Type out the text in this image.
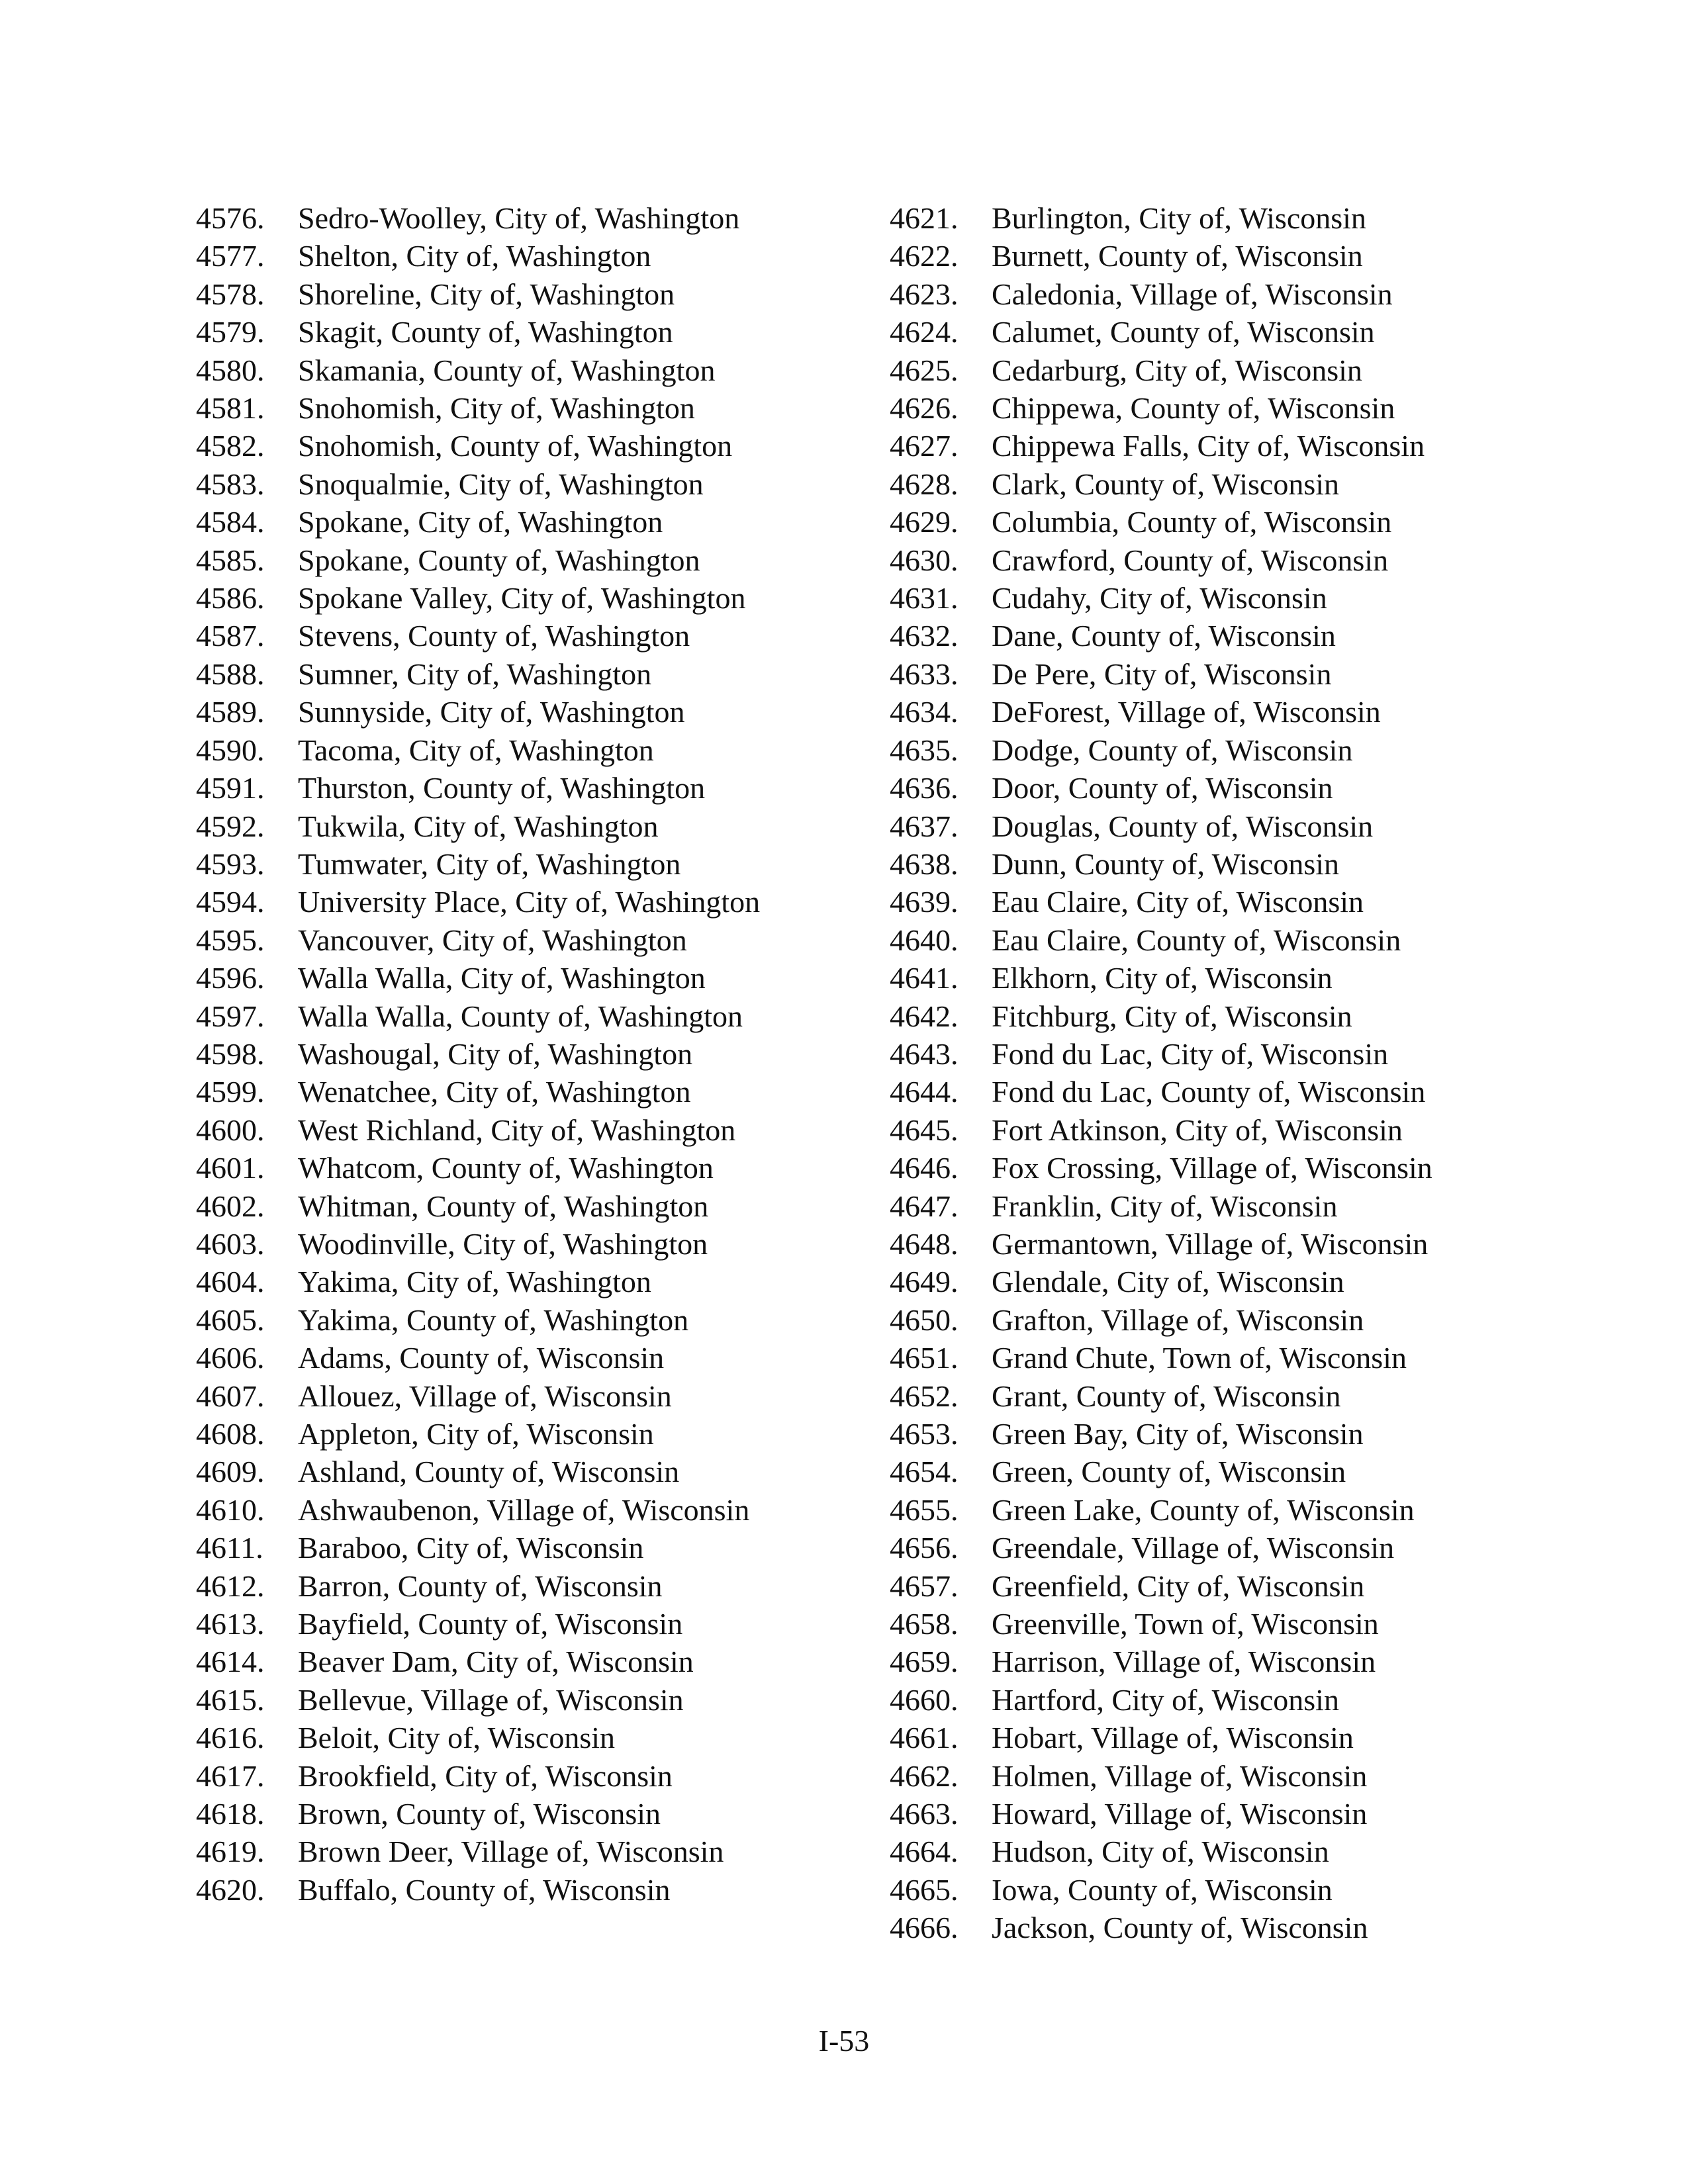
4576.	Sedro-Woolley, City of, Washington
4577.	Shelton, City of, Washington
4578.	Shoreline, City of, Washington
4579.	Skagit, County of, Washington
4580.	Skamania, County of, Washington
4581.	Snohomish, City of, Washington
4582.	Snohomish, County of, Washington
4583.	Snoqualmie, City of, Washington
4584.	Spokane, City of, Washington
4585.	Spokane, County of, Washington
4586.	Spokane Valley, City of, Washington
4587.	Stevens, County of, Washington
4588.	Sumner, City of, Washington
4589.	Sunnyside, City of, Washington
4590.	Tacoma, City of, Washington
4591.	Thurston, County of, Washington
4592.	Tukwila, City of, Washington
4593.	Tumwater, City of, Washington
4594.	University Place, City of, Washington
4595.	Vancouver, City of, Washington
4596.	Walla Walla, City of, Washington
4597.	Walla Walla, County of, Washington
4598.	Washougal, City of, Washington
4599.	Wenatchee, City of, Washington
4600.	West Richland, City of, Washington
4601.	Whatcom, County of, Washington
4602.	Whitman, County of, Washington
4603.	Woodinville, City of, Washington
4604.	Yakima, City of, Washington
4605.	Yakima, County of, Washington
4606.	Adams, County of, Wisconsin
4607.	Allouez, Village of, Wisconsin
4608.	Appleton, City of, Wisconsin
4609.	Ashland, County of, Wisconsin
4610.	Ashwaubenon, Village of, Wisconsin
4611.	Baraboo, City of, Wisconsin
4612.	Barron, County of, Wisconsin
4613.	Bayfield, County of, Wisconsin
4614.	Beaver Dam, City of, Wisconsin
4615.	Bellevue, Village of, Wisconsin
4616.	Beloit, City of, Wisconsin
4617.	Brookfield, City of, Wisconsin
4618.	Brown, County of, Wisconsin
4619.	Brown Deer, Village of, Wisconsin
4620.	Buffalo, County of, Wisconsin
4621.	Burlington, City of, Wisconsin
4622.	Burnett, County of, Wisconsin
4623.	Caledonia, Village of, Wisconsin
4624.	Calumet, County of, Wisconsin
4625.	Cedarburg, City of, Wisconsin
4626.	Chippewa, County of, Wisconsin
4627.	Chippewa Falls, City of, Wisconsin
4628.	Clark, County of, Wisconsin
4629.	Columbia, County of, Wisconsin
4630.	Crawford, County of, Wisconsin
4631.	Cudahy, City of, Wisconsin
4632.	Dane, County of, Wisconsin
4633.	De Pere, City of, Wisconsin
4634.	DeForest, Village of, Wisconsin
4635.	Dodge, County of, Wisconsin
4636.	Door, County of, Wisconsin
4637.	Douglas, County of, Wisconsin
4638.	Dunn, County of, Wisconsin
4639.	Eau Claire, City of, Wisconsin
4640.	Eau Claire, County of, Wisconsin
4641.	Elkhorn, City of, Wisconsin
4642.	Fitchburg, City of, Wisconsin
4643.	Fond du Lac, City of, Wisconsin
4644.	Fond du Lac, County of, Wisconsin
4645.	Fort Atkinson, City of, Wisconsin
4646.	Fox Crossing, Village of, Wisconsin
4647.	Franklin, City of, Wisconsin
4648.	Germantown, Village of, Wisconsin
4649.	Glendale, City of, Wisconsin
4650.	Grafton, Village of, Wisconsin
4651.	Grand Chute, Town of, Wisconsin
4652.	Grant, County of, Wisconsin
4653.	Green Bay, City of, Wisconsin
4654.	Green, County of, Wisconsin
4655.	Green Lake, County of, Wisconsin
4656.	Greendale, Village of, Wisconsin
4657.	Greenfield, City of, Wisconsin
4658.	Greenville, Town of, Wisconsin
4659.	Harrison, Village of, Wisconsin
4660.	Hartford, City of, Wisconsin
4661.	Hobart, Village of, Wisconsin
4662.	Holmen, Village of, Wisconsin
4663.	Howard, Village of, Wisconsin
4664.	Hudson, City of, Wisconsin
4665.	Iowa, County of, Wisconsin
4666.	Jackson, County of, Wisconsin
I-53
